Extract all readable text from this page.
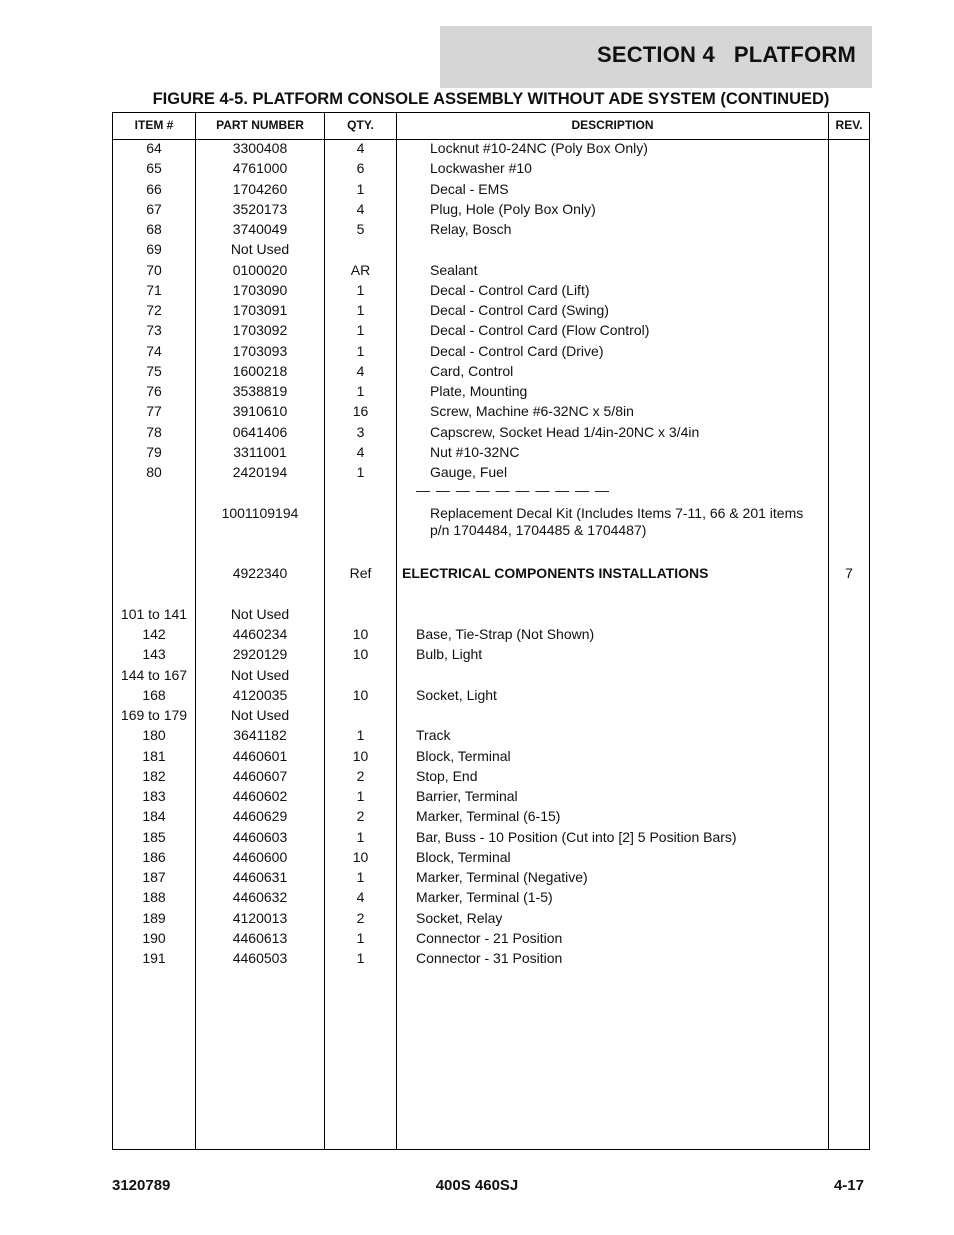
SECTION 4   PLATFORM
FIGURE 4-5. PLATFORM CONSOLE ASSEMBLY WITHOUT ADE SYSTEM (CONTINUED)
ITEM #	PART NUMBER	QTY.	DESCRIPTION	REV.
64	3300408	4	Locknut #10-24NC (Poly Box Only)
65	4761000	6	Lockwasher #10
66	1704260	1	Decal - EMS
67	3520173	4	Plug, Hole (Poly Box Only)
68	3740049	5	Relay, Bosch
69	Not Used
70	0100020	AR	Sealant
71	1703090	1	Decal - Control Card (Lift)
72	1703091	1	Decal - Control Card (Swing)
73	1703092	1	Decal - Control Card (Flow Control)
74	1703093	1	Decal - Control Card (Drive)
75	1600218	4	Card, Control
76	3538819	1	Plate, Mounting
77	3910610	16	Screw, Machine #6-32NC x 5/8in
78	0641406	3	Capscrew, Socket Head 1/4in-20NC x 3/4in
79	3311001	4	Nut #10-32NC
80	2420194	1	Gauge, Fuel
— — — — — — — — — —
1001109194	Replacement Decal Kit (Includes Items 7-11, 66 & 201 items
p/n 1704484, 1704485 & 1704487)
4922340	Ref	ELECTRICAL COMPONENTS INSTALLATIONS	7
101 to 141	Not Used
142	4460234	10	Base, Tie-Strap (Not Shown)
143	2920129	10	Bulb, Light
144 to 167	Not Used
168	4120035	10	Socket, Light
169 to 179	Not Used
180	3641182	1	Track
181	4460601	10	Block, Terminal
182	4460607	2	Stop, End
183	4460602	1	Barrier, Terminal
184	4460629	2	Marker, Terminal (6-15)
185	4460603	1	Bar, Buss - 10 Position (Cut into [2] 5 Position Bars)
186	4460600	10	Block, Terminal
187	4460631	1	Marker, Terminal (Negative)
188	4460632	4	Marker, Terminal (1-5)
189	4120013	2	Socket, Relay
190	4460613	1	Connector - 21 Position
191	4460503	1	Connector - 31 Position
3120789	400S 460SJ	4-17
